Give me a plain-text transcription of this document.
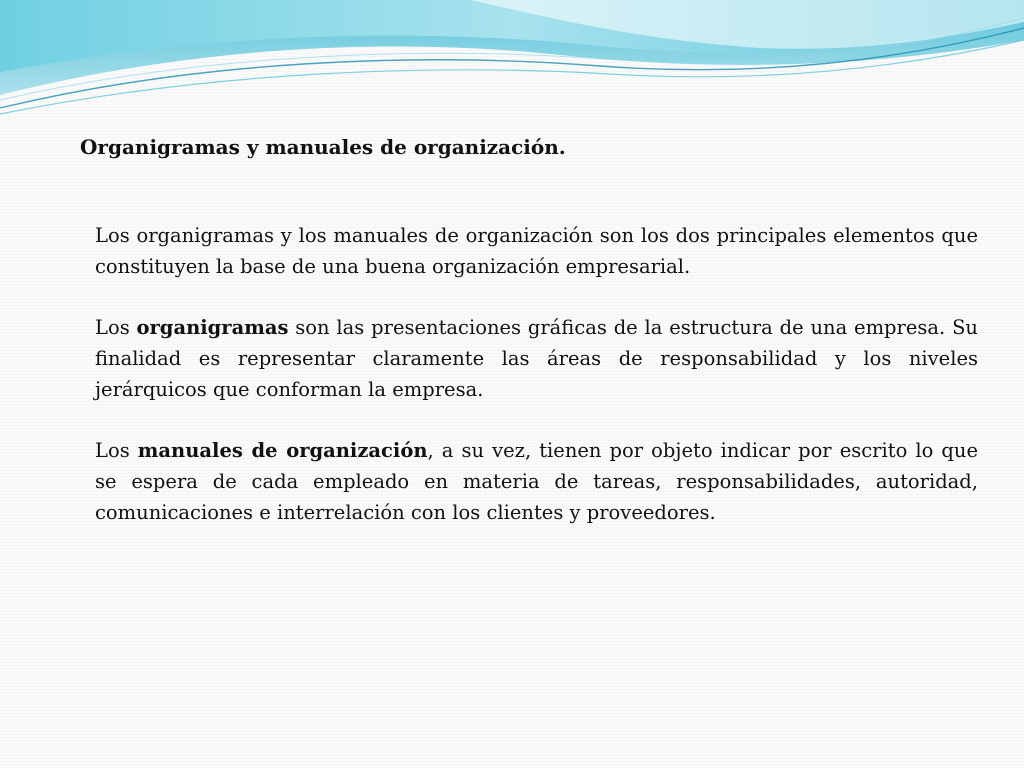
Organigramas y manuales de organización.

Los organigramas y los manuales de organización son los dos principales elementos que constituyen la base de una buena organización empresarial.

Los organigramas son las presentaciones gráficas de la estructura de una empresa. Su finalidad es representar claramente las áreas de responsabilidad y los niveles jerárquicos que conforman la empresa.

Los manuales de organización, a su vez, tienen por objeto indicar por escrito lo que se espera de cada empleado en materia de tareas, responsabilidades, autoridad, comunicaciones e interrelación con los clientes y proveedores.
